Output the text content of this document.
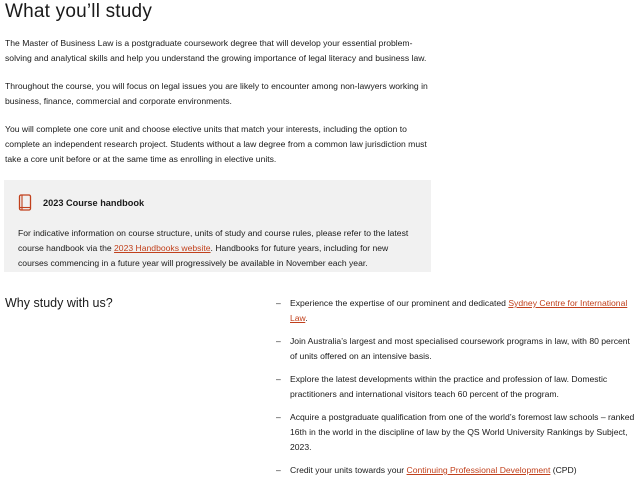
What you’ll study

The Master of Business Law is a postgraduate coursework degree that will develop your essential problem-solving and analytical skills and help you understand the growing importance of legal literacy and business law.

Throughout the course, you will focus on legal issues you are likely to encounter among non-lawyers working in business, finance, commercial and corporate environments.

You will complete one core unit and choose elective units that match your interests, including the option to complete an independent research project. Students without a law degree from a common law jurisdiction must take a core unit before or at the same time as enrolling in elective units.

2023 Course handbook

For indicative information on course structure, units of study and course rules, please refer to the latest course handbook via the 2023 Handbooks website. Handbooks for future years, including for new courses commencing in a future year will progressively be available in November each year.

Why study with us?	– Experience the expertise of our prominent and dedicated Sydney Centre for International Law.
– Join Australia’s largest and most specialised coursework programs in law, with 80 percent of units offered on an intensive basis.
– Explore the latest developments within the practice and profession of law. Domestic practitioners and international visitors teach 60 percent of the program.
– Acquire a postgraduate qualification from one of the world’s foremost law schools – ranked 16th in the world in the discipline of law by the QS World University Rankings by Subject, 2023.
– Credit your units towards your Continuing Professional Development (CPD)
